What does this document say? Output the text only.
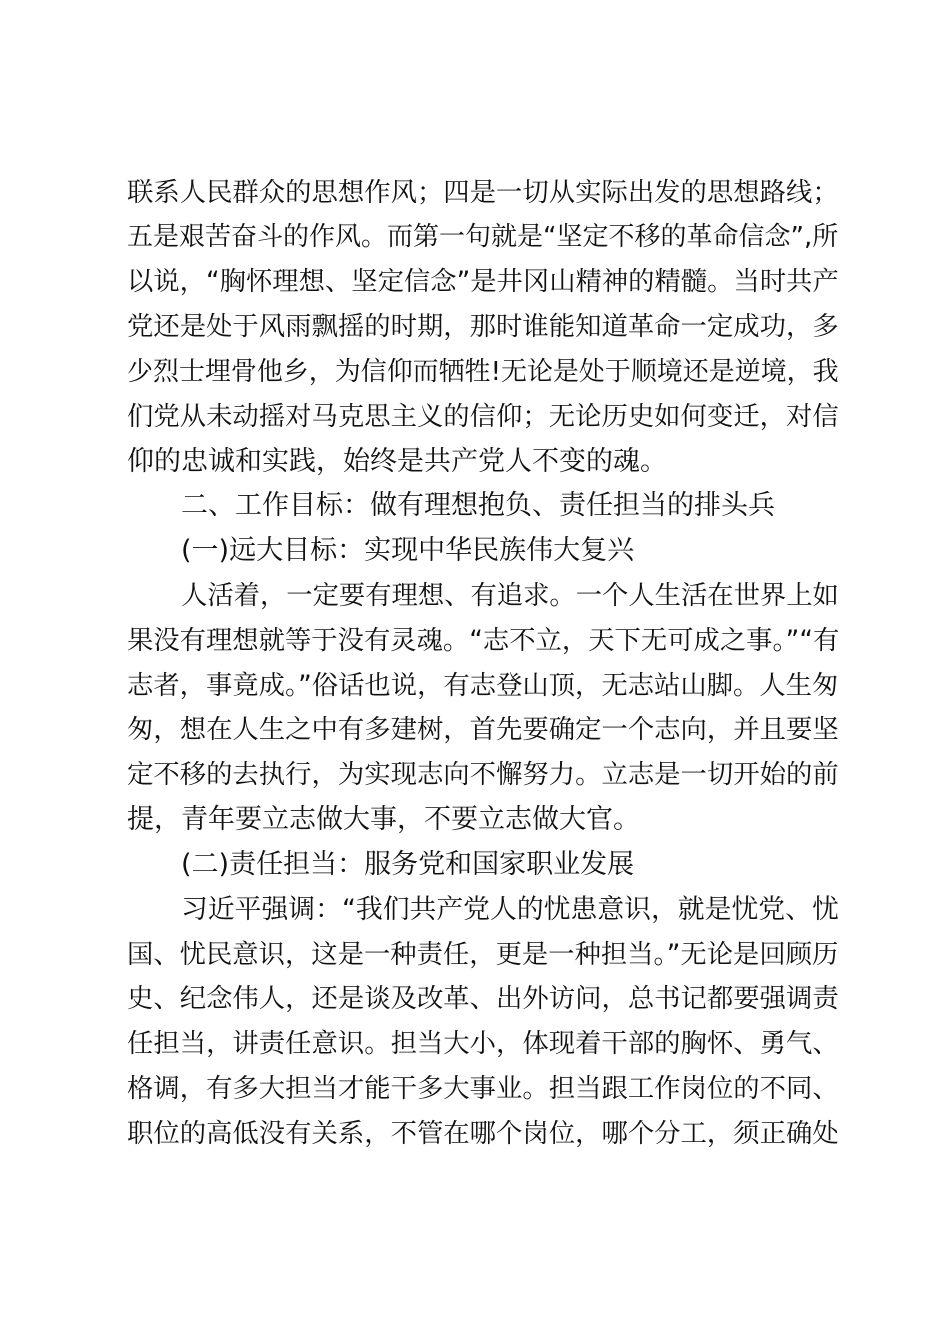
联系人民群众的思想作风；四是一切从实际出发的思想路线；
五是艰苦奋斗的作风。而第一句就是“坚定不移的革命信念”,所
以说，“胸怀理想、坚定信念”是井冈山精神的精髓。当时共产
党还是处于风雨飘摇的时期，那时谁能知道革命一定成功，多
少烈士埋骨他乡，为信仰而牺牲!无论是处于顺境还是逆境，我
们党从未动摇对马克思主义的信仰；无论历史如何变迁，对信
仰的忠诚和实践，始终是共产党人不变的魂。
二、工作目标：做有理想抱负、责任担当的排头兵
(一)远大目标：实现中华民族伟大复兴
人活着，一定要有理想、有追求。一个人生活在世界上如
果没有理想就等于没有灵魂。“志不立，天下无可成之事。”“有
志者，事竟成。”俗话也说，有志登山顶，无志站山脚。人生匆
匆，想在人生之中有多建树，首先要确定一个志向，并且要坚
定不移的去执行，为实现志向不懈努力。立志是一切开始的前
提，青年要立志做大事，不要立志做大官。
(二)责任担当：服务党和国家职业发展
习近平强调：“我们共产党人的忧患意识，就是忧党、忧
国、忧民意识，这是一种责任，更是一种担当。”无论是回顾历
史、纪念伟人，还是谈及改革、出外访问，总书记都要强调责
任担当，讲责任意识。担当大小，体现着干部的胸怀、勇气、
格调，有多大担当才能干多大事业。担当跟工作岗位的不同、
职位的高低没有关系，不管在哪个岗位，哪个分工，须正确处
